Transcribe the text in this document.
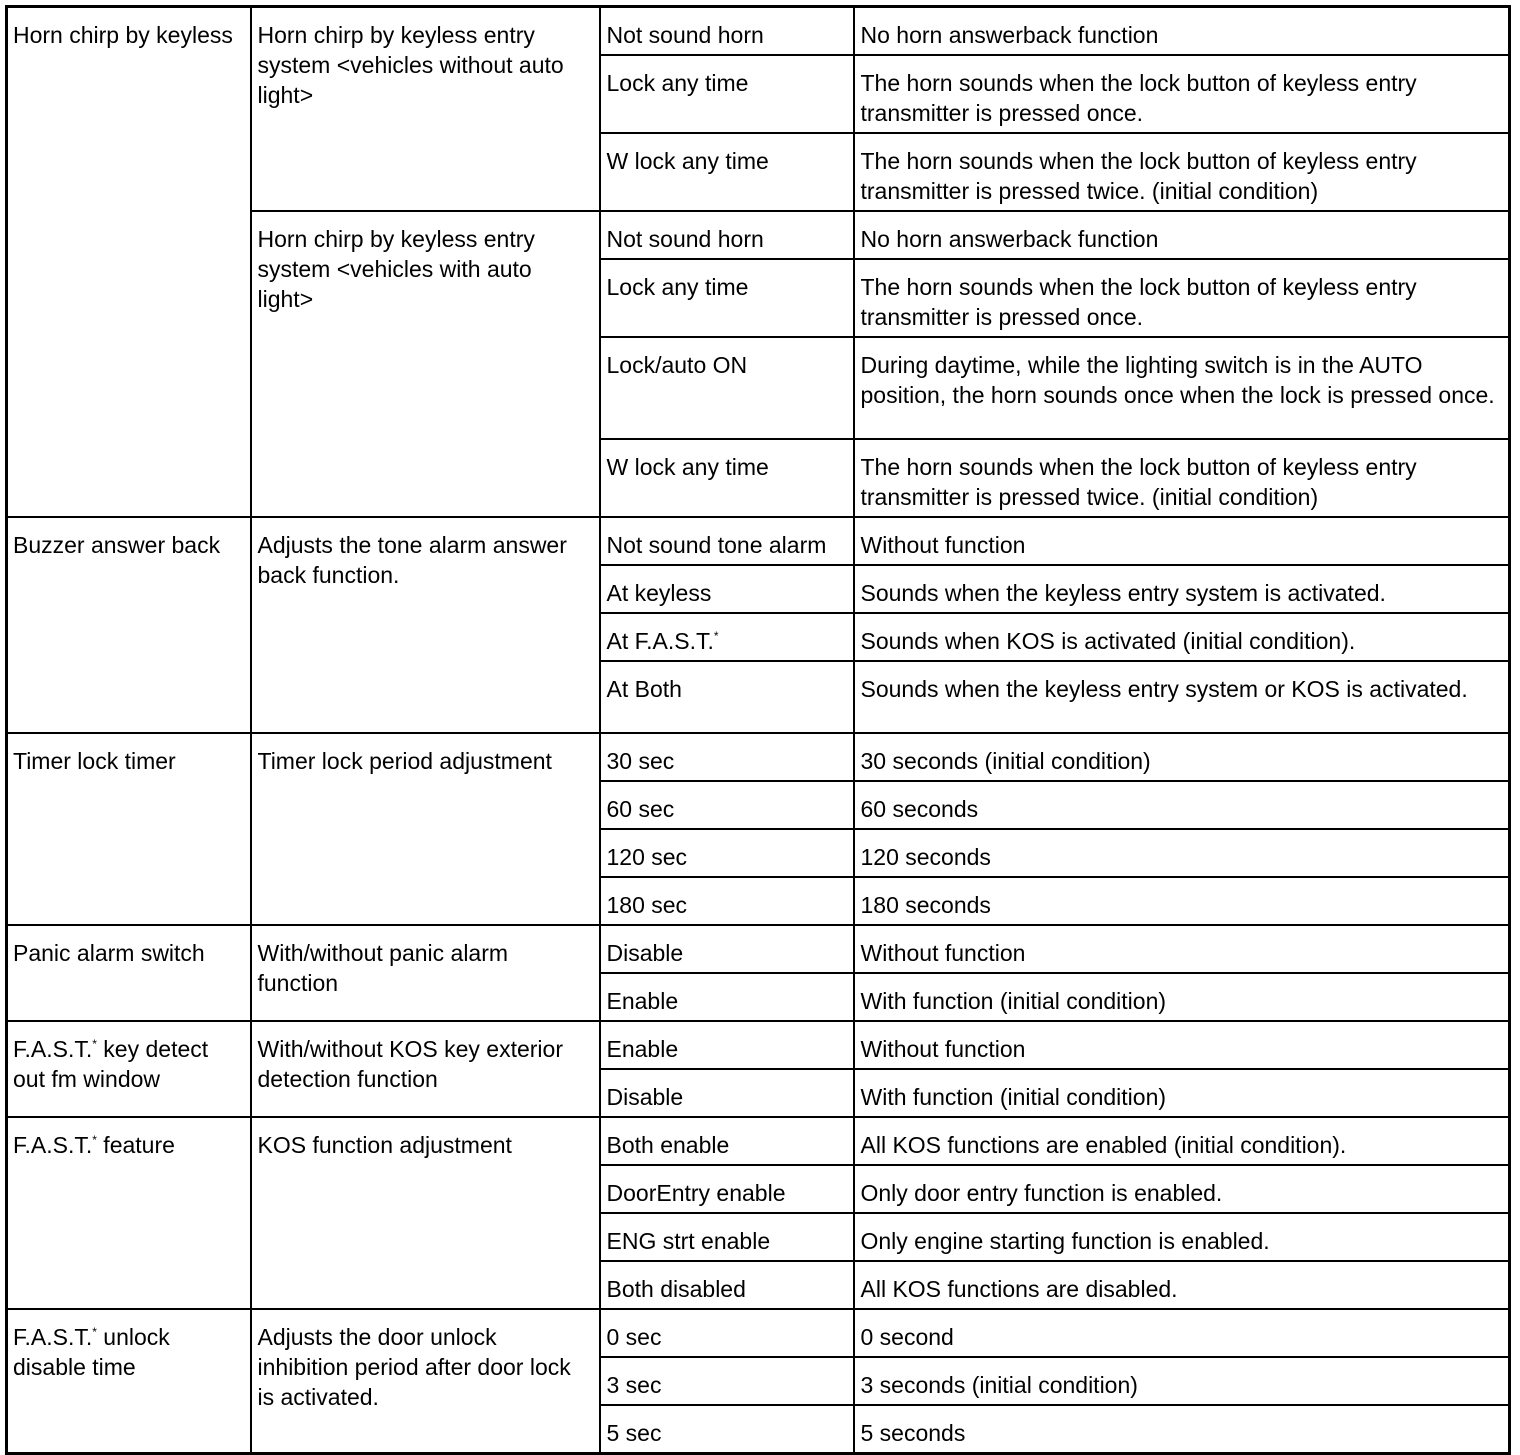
Horn chirp by keyless	Horn chirp by keyless entry system <vehicles without auto light>	Not sound horn	No horn answerback function
		Lock any time	The horn sounds when the lock button of keyless entry transmitter is pressed once.
		W lock any time	The horn sounds when the lock button of keyless entry transmitter is pressed twice. (initial condition)
	Horn chirp by keyless entry system <vehicles with auto light>	Not sound horn	No horn answerback function
		Lock any time	The horn sounds when the lock button of keyless entry transmitter is pressed once.
		Lock/auto ON	During daytime, while the lighting switch is in the AUTO position, the horn sounds once when the lock is pressed once.
		W lock any time	The horn sounds when the lock button of keyless entry transmitter is pressed twice. (initial condition)
Buzzer answer back	Adjusts the tone alarm answer back function.	Not sound tone alarm	Without function
		At keyless	Sounds when the keyless entry system is activated.
		At F.A.S.T.*	Sounds when KOS is activated (initial condition).
		At Both	Sounds when the keyless entry system or KOS is activated.
Timer lock timer	Timer lock period adjustment	30 sec	30 seconds (initial condition)
		60 sec	60 seconds
		120 sec	120 seconds
		180 sec	180 seconds
Panic alarm switch	With/without panic alarm function	Disable	Without function
		Enable	With function (initial condition)
F.A.S.T.* key detect out fm window	With/without KOS key exterior detection function	Enable	Without function
		Disable	With function (initial condition)
F.A.S.T.* feature	KOS function adjustment	Both enable	All KOS functions are enabled (initial condition).
		DoorEntry enable	Only door entry function is enabled.
		ENG strt enable	Only engine starting function is enabled.
		Both disabled	All KOS functions are disabled.
F.A.S.T.* unlock disable time	Adjusts the door unlock inhibition period after door lock is activated.	0 sec	0 second
		3 sec	3 seconds (initial condition)
		5 sec	5 seconds
